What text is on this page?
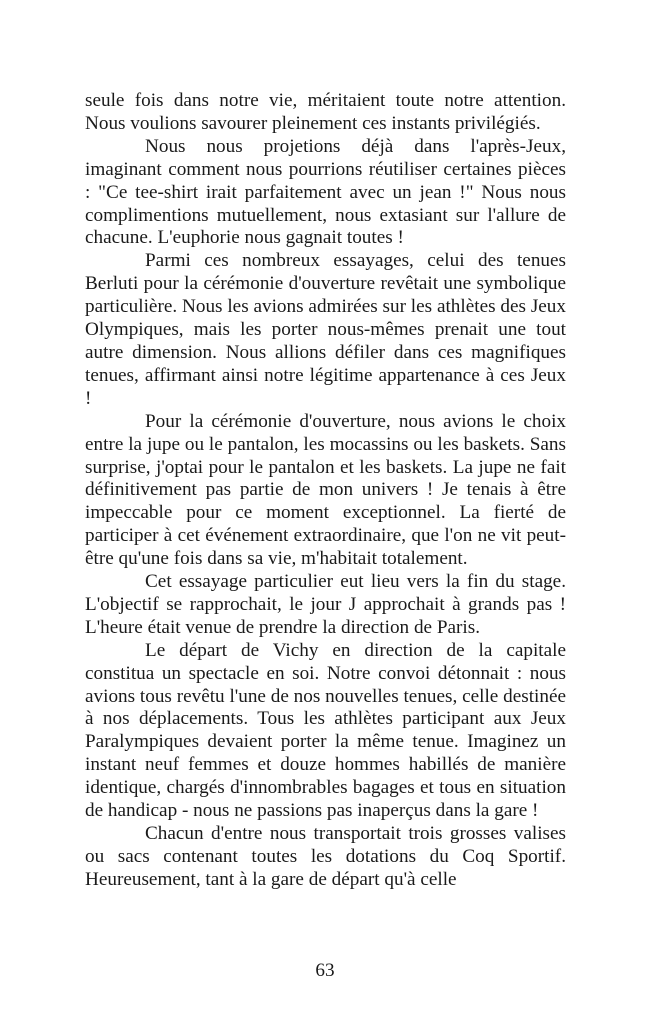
seule fois dans notre vie, méritaient toute notre attention. Nous voulions savourer pleinement ces instants privilégiés.

Nous nous projetions déjà dans l'après-Jeux, imaginant comment nous pourrions réutiliser certaines pièces : "Ce tee-shirt irait parfaitement avec un jean !" Nous nous complimentions mutuellement, nous extasiant sur l'allure de chacune. L'euphorie nous gagnait toutes !

Parmi ces nombreux essayages, celui des tenues Berluti pour la cérémonie d'ouverture revêtait une symbolique particulière. Nous les avions admirées sur les athlètes des Jeux Olympiques, mais les porter nous-mêmes prenait une tout autre dimension. Nous allions défiler dans ces magnifiques tenues, affirmant ainsi notre légitime appartenance à ces Jeux !

Pour la cérémonie d'ouverture, nous avions le choix entre la jupe ou le pantalon, les mocassins ou les baskets. Sans surprise, j'optai pour le pantalon et les baskets. La jupe ne fait définitivement pas partie de mon univers ! Je tenais à être impeccable pour ce moment exceptionnel. La fierté de participer à cet événement extraordinaire, que l'on ne vit peut-être qu'une fois dans sa vie, m'habitait totalement.

Cet essayage particulier eut lieu vers la fin du stage. L'objectif se rapprochait, le jour J approchait à grands pas ! L'heure était venue de prendre la direction de Paris.

Le départ de Vichy en direction de la capitale constitua un spectacle en soi. Notre convoi détonnait : nous avions tous revêtu l'une de nos nouvelles tenues, celle destinée à nos déplacements. Tous les athlètes participant aux Jeux Paralympiques devaient porter la même tenue. Imaginez un instant neuf femmes et douze hommes habillés de manière identique, chargés d'innombrables bagages et tous en situation de handicap - nous ne passions pas inaperçus dans la gare !

Chacun d'entre nous transportait trois grosses valises ou sacs contenant toutes les dotations du Coq Sportif. Heureusement, tant à la gare de départ qu'à celle

63
